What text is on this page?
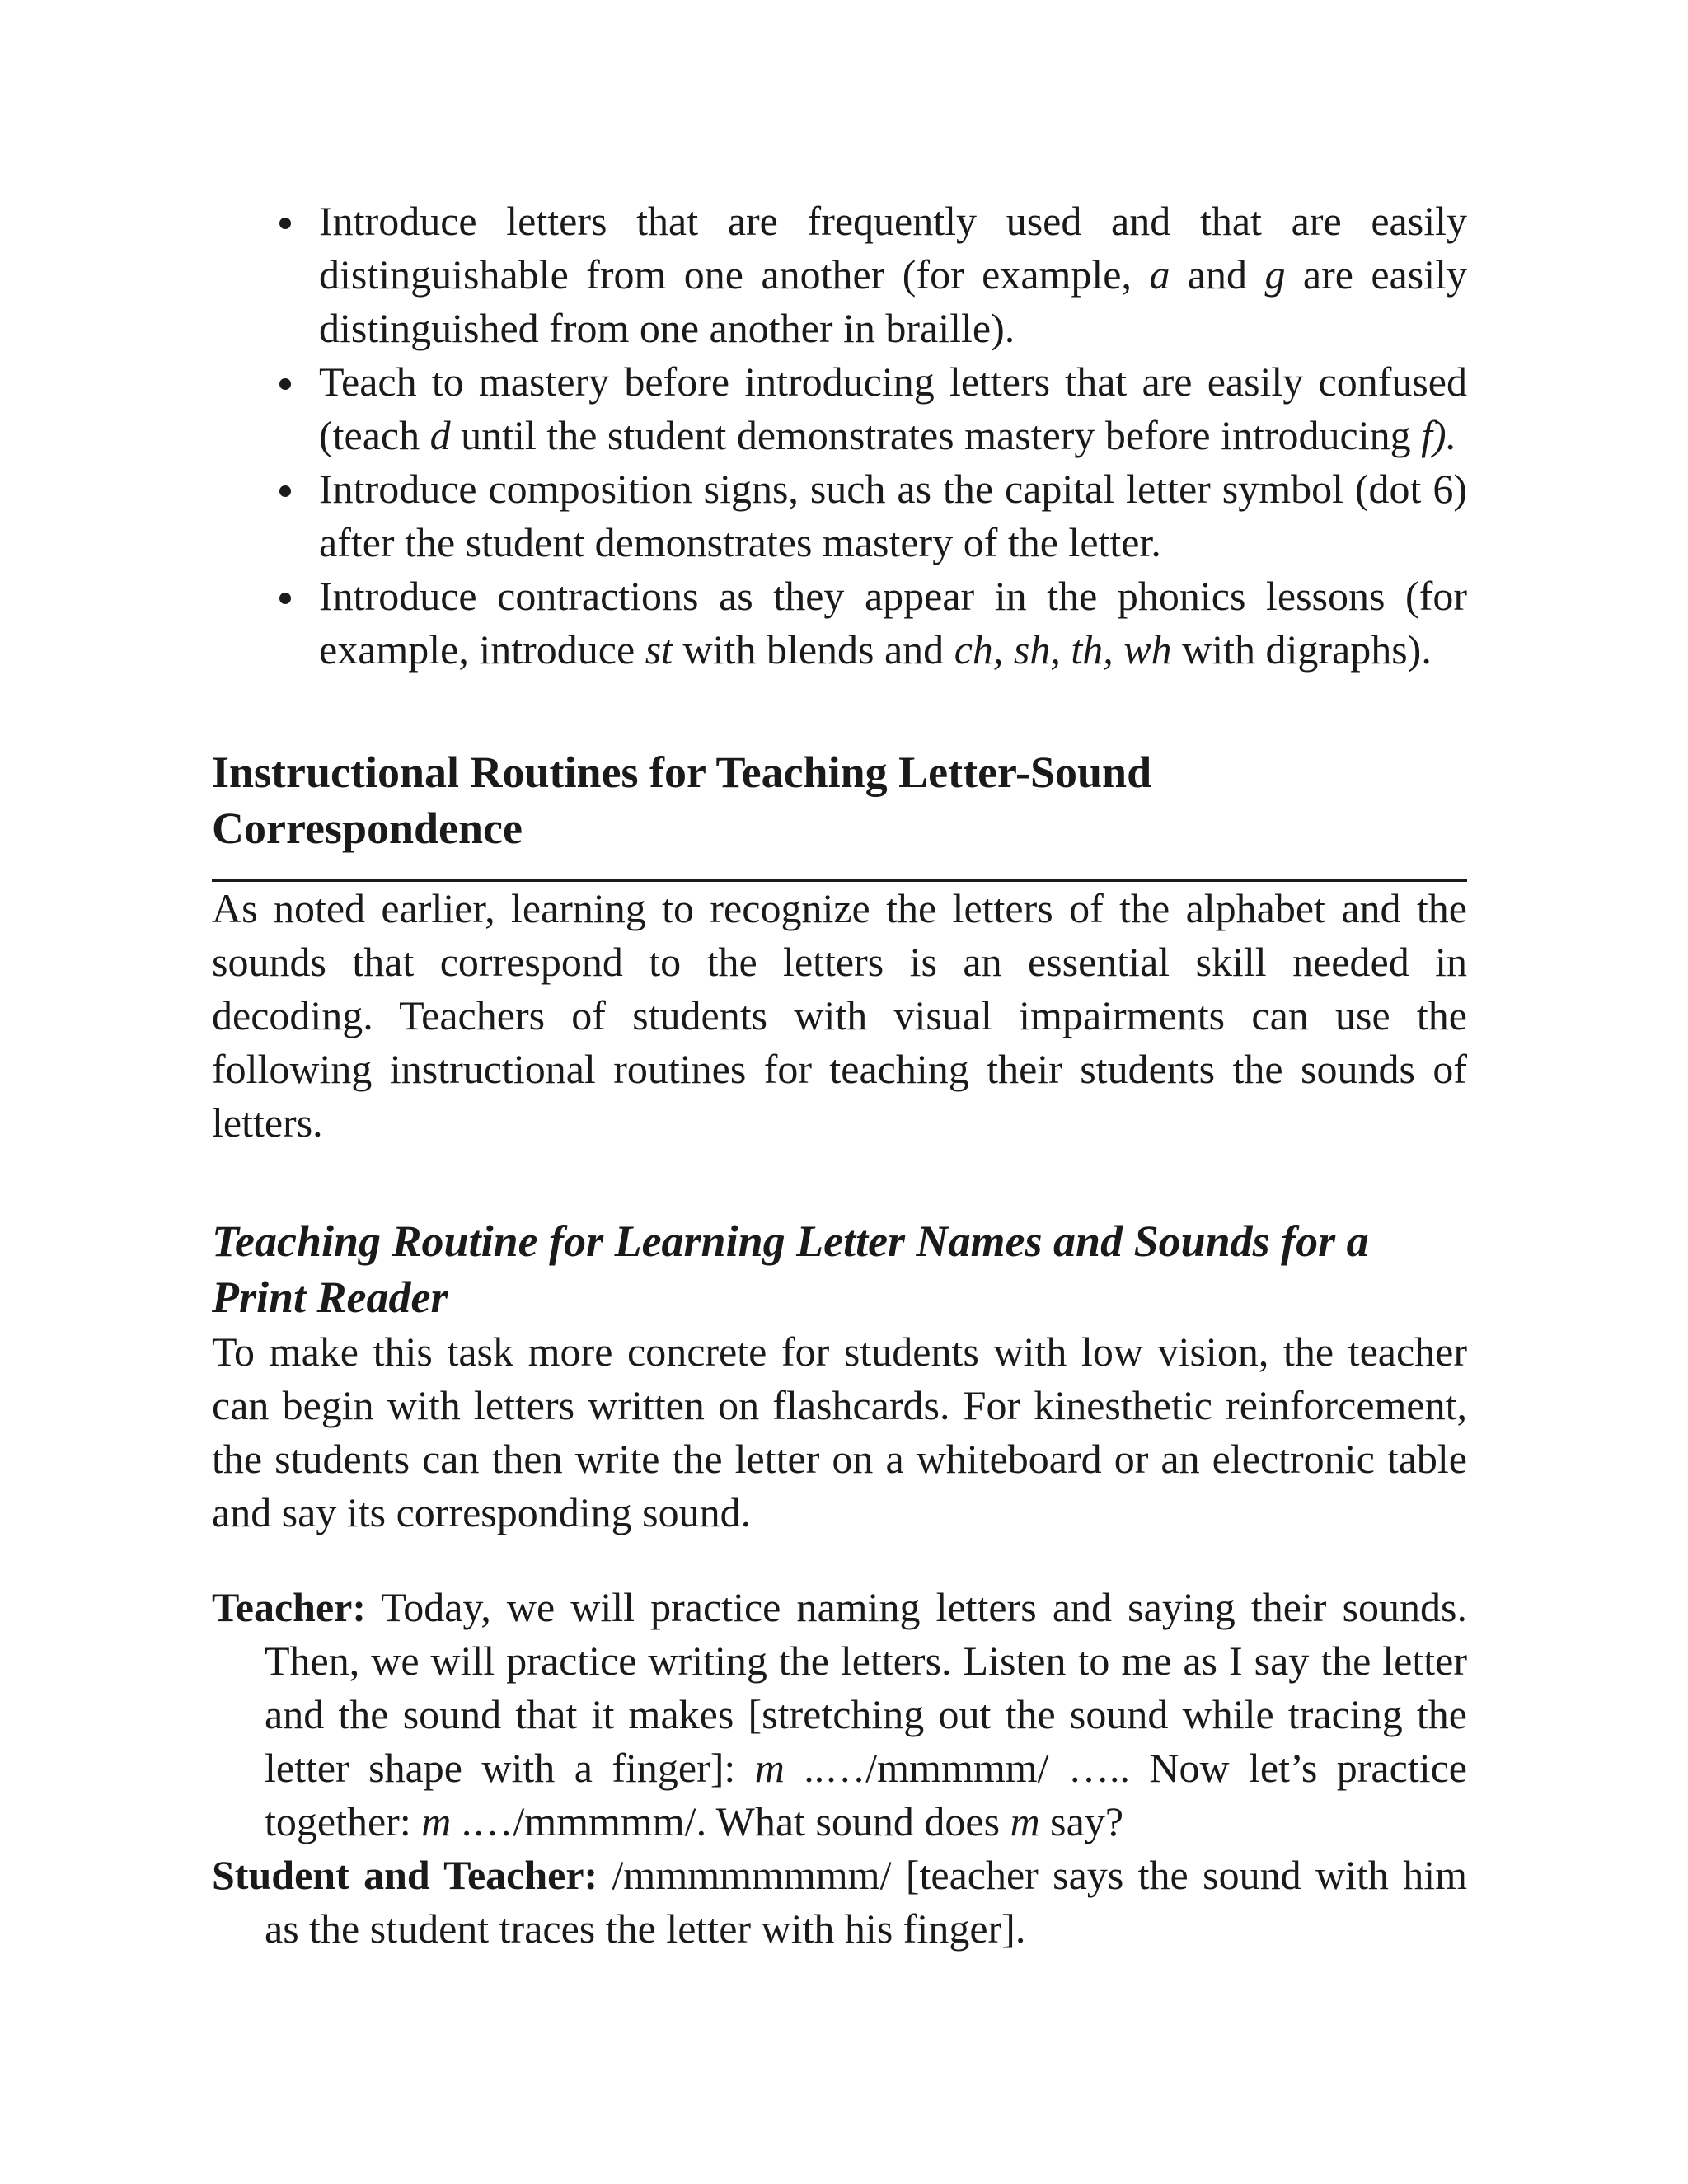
Introduce letters that are frequently used and that are easily distinguishable from one another (for example, a and g are easily distinguished from one another in braille).
Teach to mastery before introducing letters that are easily confused (teach d until the student demonstrates mastery before introducing f).
Introduce composition signs, such as the capital letter symbol (dot 6) after the student demonstrates mastery of the letter.
Introduce contractions as they appear in the phonics lessons (for example, introduce st with blends and ch, sh, th, wh with digraphs).
Instructional Routines for Teaching Letter-Sound Correspondence

As noted earlier, learning to recognize the letters of the alphabet and the sounds that correspond to the letters is an essential skill needed in decoding. Teachers of students with visual impairments can use the following instructional routines for teaching their students the sounds of letters.

Teaching Routine for Learning Letter Names and Sounds for a Print Reader

To make this task more concrete for students with low vision, the teacher can begin with letters written on flashcards. For kinesthetic reinforcement, the students can then write the letter on a whiteboard or an electronic table and say its corresponding sound.

Teacher: Today, we will practice naming letters and saying their sounds. Then, we will practice writing the letters. Listen to me as I say the letter and the sound that it makes [stretching out the sound while tracing the letter shape with a finger]: m ..…/mmmmm/ ….. Now let’s practice together: m .…/mmmmm/. What sound does m say?

Student and Teacher: /mmmmmmmm/ [teacher says the sound with him as the student traces the letter with his finger].
